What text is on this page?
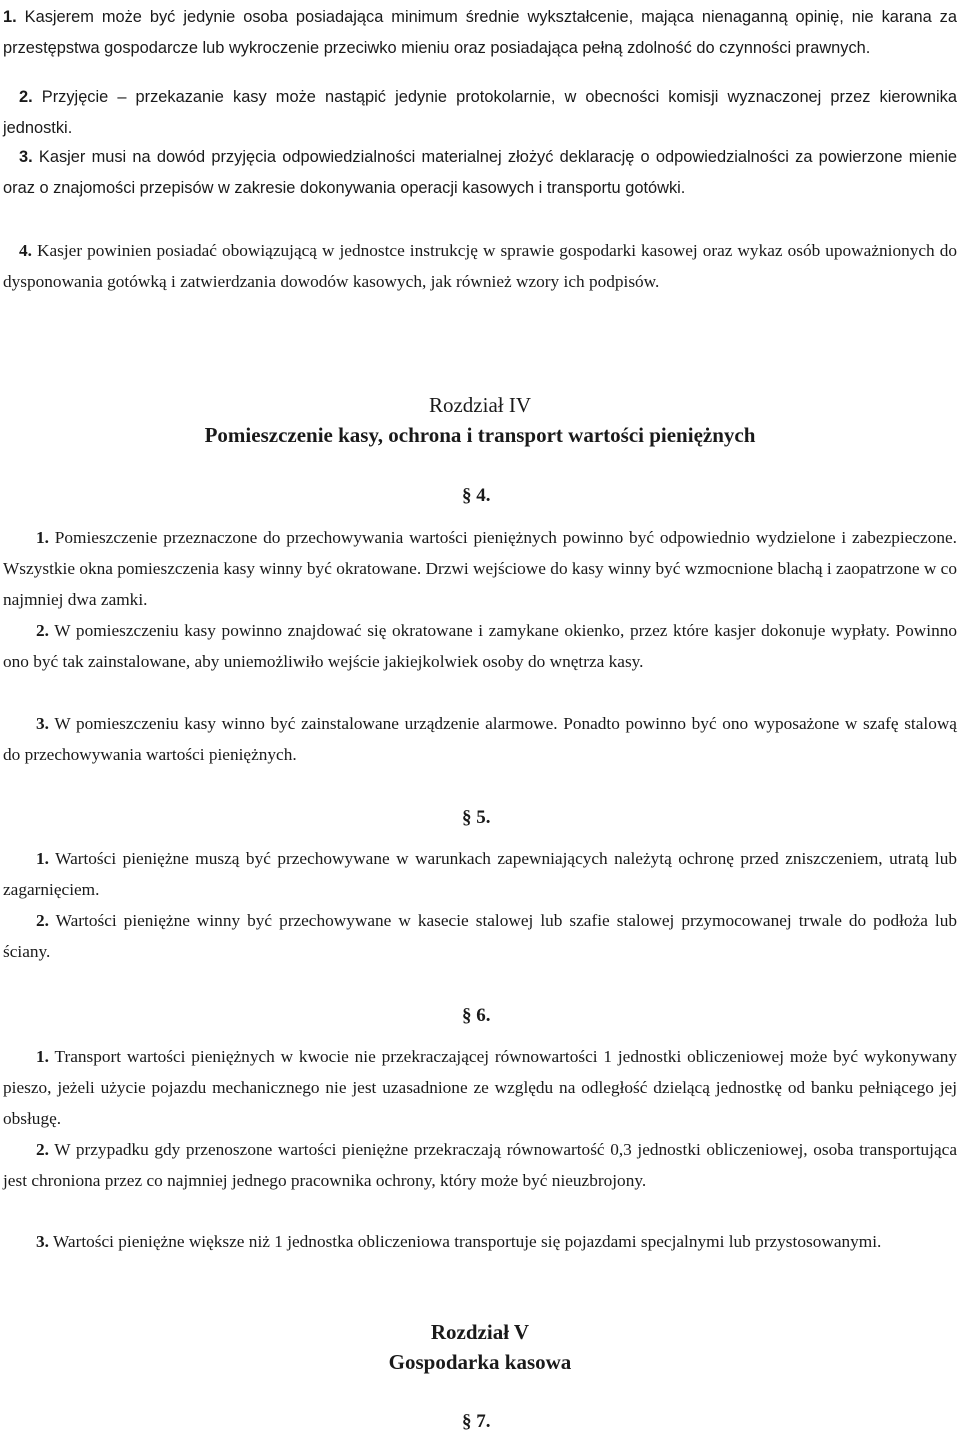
1. Kasjerem może być jedynie osoba posiadająca minimum średnie wykształcenie, mająca nienaganną opinię, nie karana za przestępstwa gospodarcze lub wykroczenie przeciwko mieniu oraz posiadająca pełną zdolność do czynności prawnych.

2. Przyjęcie – przekazanie kasy może nastąpić jedynie protokolarnie, w obecności komisji wyznaczonej przez kierownika jednostki.

3. Kasjer musi na dowód przyjęcia odpowiedzialności materialnej złożyć deklarację o odpowiedzialności za powierzone mienie oraz o znajomości przepisów w zakresie dokonywania operacji kasowych i transportu gotówki.

4. Kasjer powinien posiadać obowiązującą w jednostce instrukcję w sprawie gospodarki kasowej oraz wykaz osób upoważnionych do dysponowania gotówką i zatwierdzania dowodów kasowych, jak również wzory ich podpisów.

Rozdział IV

Pomieszczenie kasy, ochrona i transport wartości pieniężnych

§ 4.

1. Pomieszczenie przeznaczone do przechowywania wartości pieniężnych powinno być odpowiednio wydzielone i zabezpieczone. Wszystkie okna pomieszczenia kasy winny być okratowane. Drzwi wejściowe do kasy winny być wzmocnione blachą i zaopatrzone w co najmniej dwa zamki.

2. W pomieszczeniu kasy powinno znajdować się okratowane i zamykane okienko, przez które kasjer dokonuje wypłaty. Powinno ono być tak zainstalowane, aby uniemożliwiło wejście jakiejkolwiek osoby do wnętrza kasy.

3. W pomieszczeniu kasy winno być zainstalowane urządzenie alarmowe. Ponadto powinno być ono wyposażone w szafę stalową do przechowywania wartości pieniężnych.

§ 5.

1. Wartości pieniężne muszą być przechowywane w warunkach zapewniających należytą ochronę przed zniszczeniem, utratą lub zagarnięciem.

2. Wartości pieniężne winny być przechowywane w kasecie stalowej lub szafie stalowej przymocowanej trwale do podłoża lub ściany.

§ 6.

1. Transport wartości pieniężnych w kwocie nie przekraczającej równowartości 1 jednostki obliczeniowej może być wykonywany pieszo, jeżeli użycie pojazdu mechanicznego nie jest uzasadnione ze względu na odległość dzielącą jednostkę od banku pełniącego jej obsługę.

2. W przypadku gdy przenoszone wartości pieniężne przekraczają równowartość 0,3 jednostki obliczeniowej, osoba transportująca jest chroniona przez co najmniej jednego pracownika ochrony, który może być nieuzbrojony.

3. Wartości pieniężne większe niż 1 jednostka obliczeniowa transportuje się pojazdami specjalnymi lub przystosowanymi.

Rozdział V

Gospodarka kasowa

§ 7.
